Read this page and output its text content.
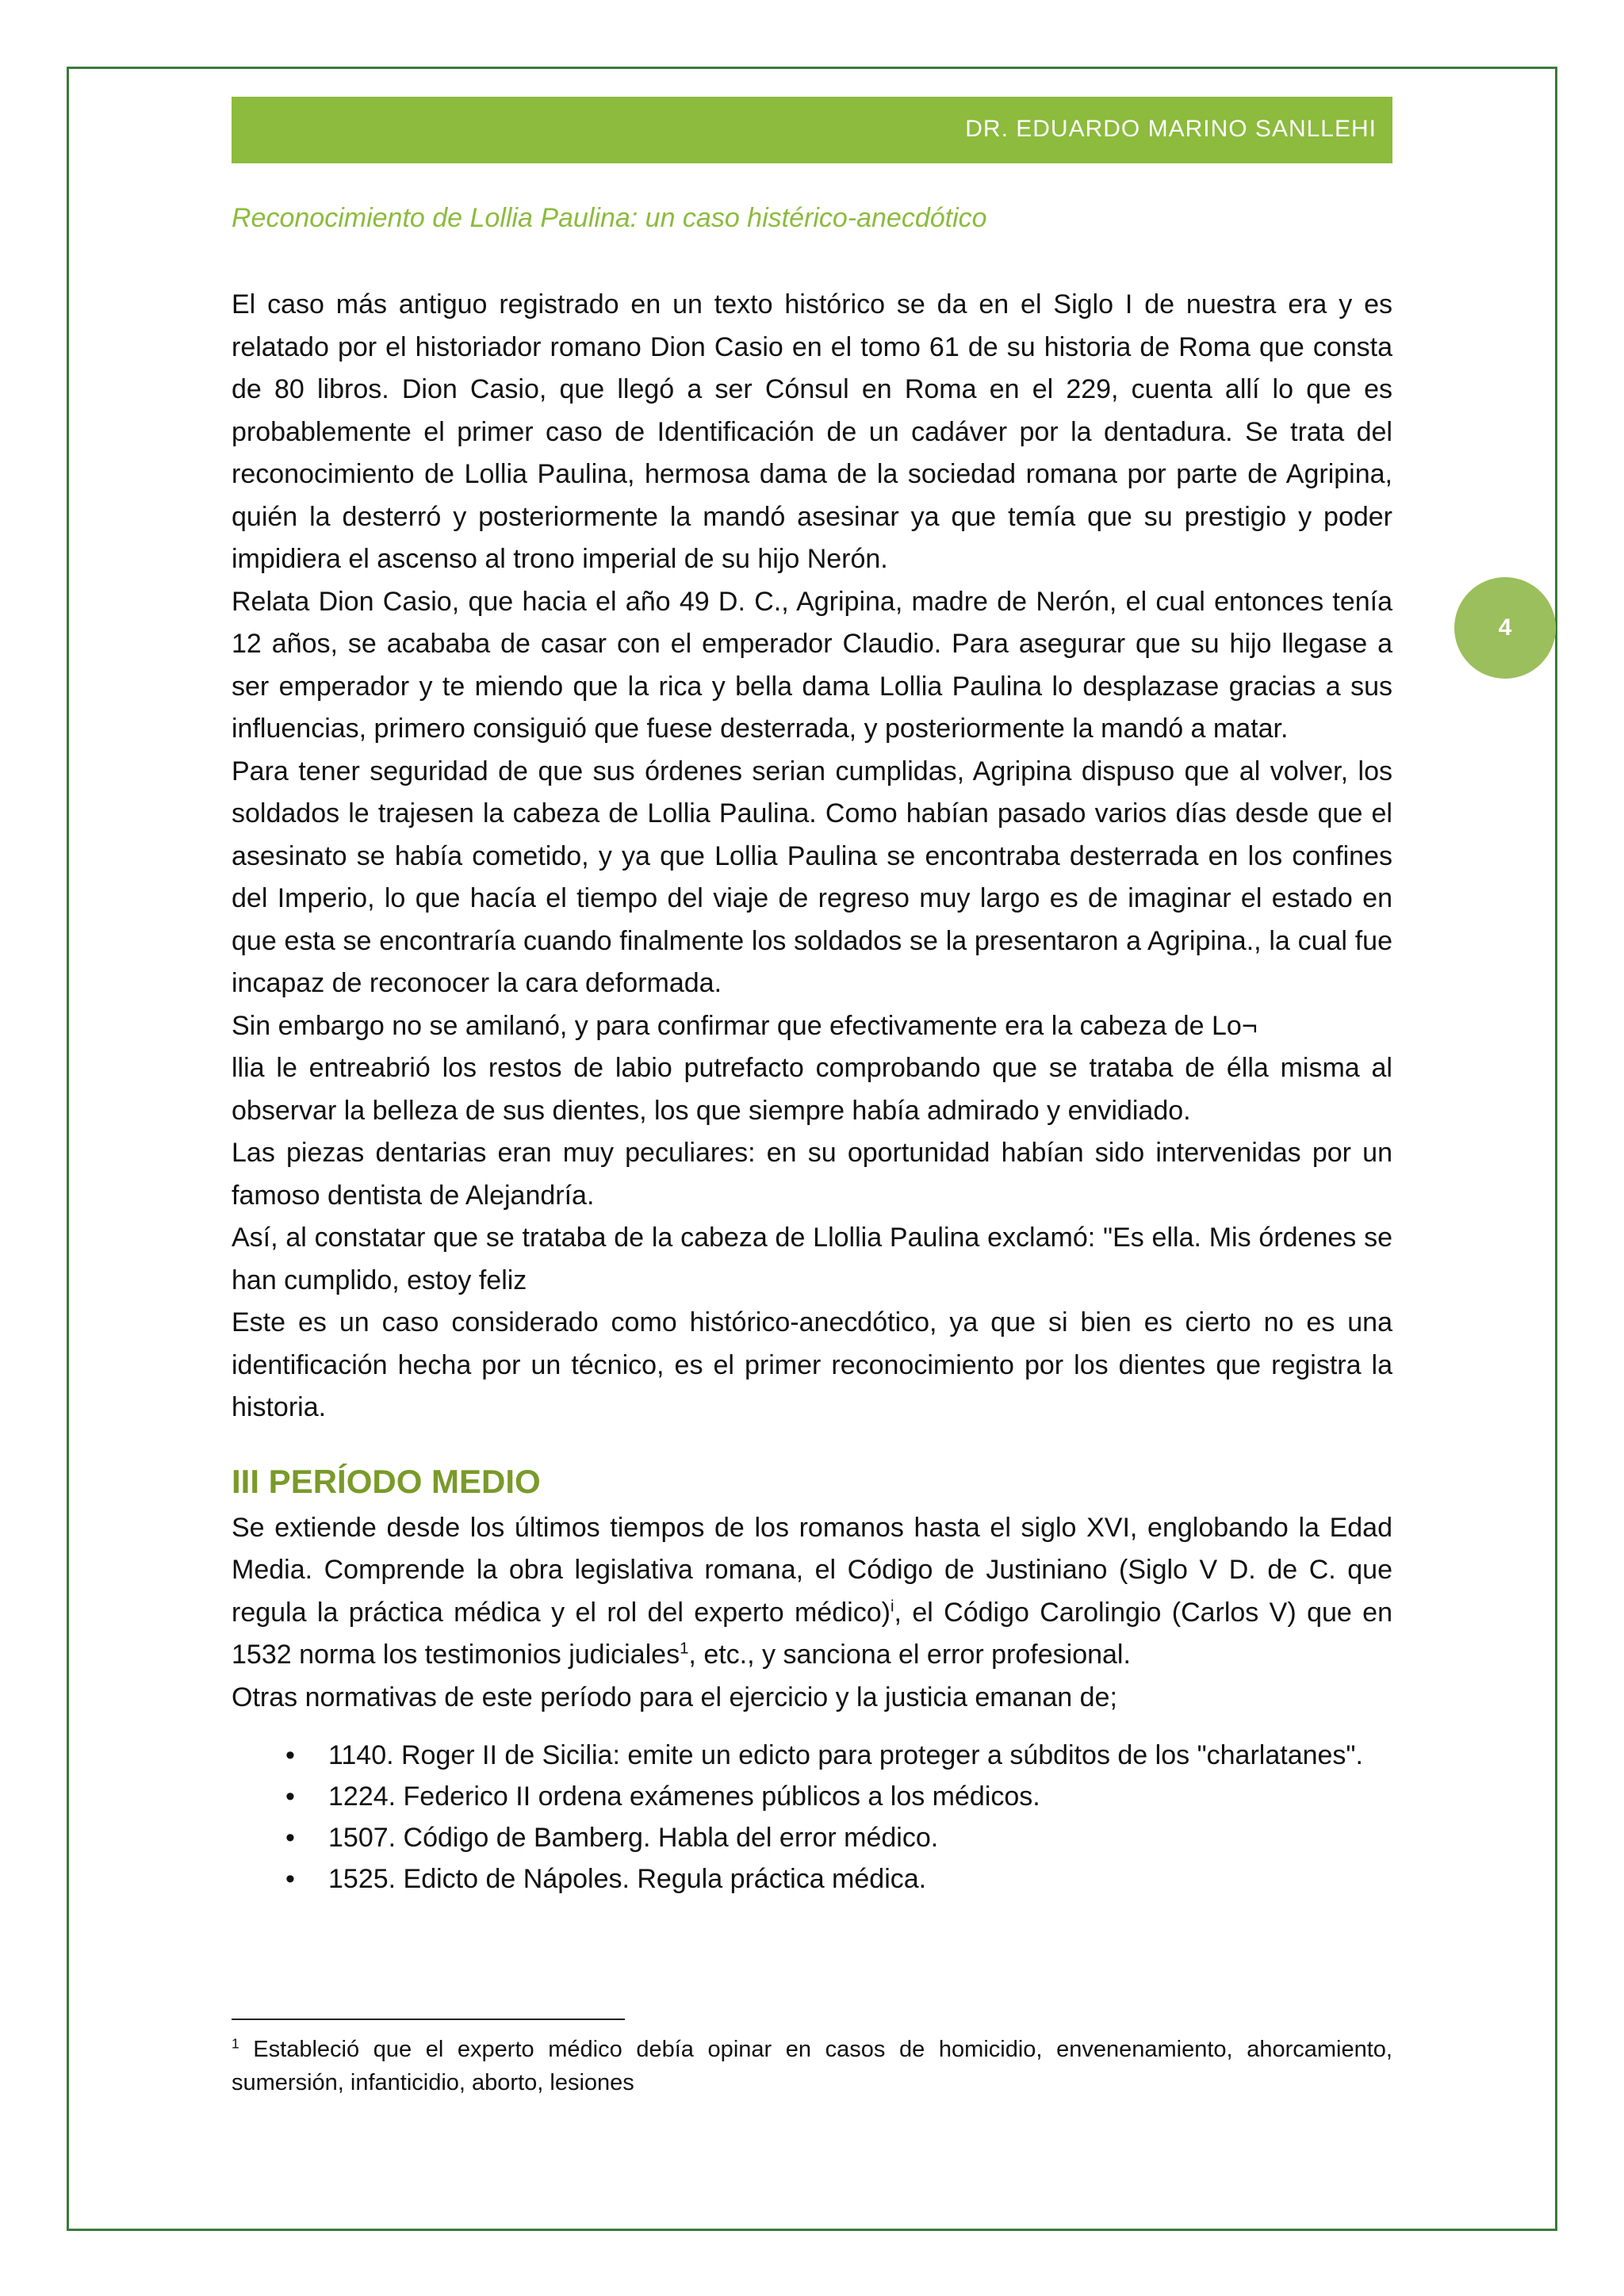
DR. EDUARDO MARINO SANLLEHI
4
Reconocimiento de Lollia Paulina: un caso histérico-anecdótico

El caso más antiguo registrado en un texto histórico se da en el Siglo I de nuestra era y es relatado por el historiador romano Dion Casio en el tomo 61 de su historia de Roma que consta de 80 libros. Dion Casio, que llegó a ser Cónsul en Roma en el 229, cuenta allí lo que es probablemente el primer caso de Identificación de un cadáver por la dentadura. Se trata del reconocimiento de Lollia Paulina, hermosa dama de la sociedad romana por parte de Agripina, quién la desterró y posteriormente la mandó asesinar ya que temía que su prestigio y poder impidiera el ascenso al trono imperial de su hijo Nerón.

Relata Dion Casio, que hacia el año 49 D. C., Agripina, madre de Nerón, el cual entonces tenía 12 años, se acababa de casar con el emperador Claudio. Para asegurar que su hijo llegase a ser emperador y te miendo que la rica y bella dama Lollia Paulina lo desplazase gracias a sus influencias, primero consiguió que fuese desterrada, y posteriormente la mandó a matar.

Para tener seguridad de que sus órdenes serian cumplidas, Agripina dispuso que al volver, los soldados le trajesen la cabeza de Lollia Paulina. Como habían pasado varios días desde que el asesinato se había cometido, y ya que Lollia Paulina se encontraba desterrada en los confines del Imperio, lo que hacía el tiempo del viaje de regreso muy largo es de imaginar el estado en que esta se encontraría cuando finalmente los soldados se la presentaron a Agripina., la cual fue incapaz de reconocer la cara deformada.

Sin embargo no se amilanó, y para confirmar que efectivamente era la cabeza de Lo¬

llia le entreabrió los restos de labio putrefacto comprobando que se trataba de élla misma al observar la belleza de sus dientes, los que siempre había admirado y envidiado.

Las piezas dentarias eran muy peculiares: en su oportunidad habían sido intervenidas por un famoso dentista de Alejandría.

Así, al constatar que se trataba de la cabeza de Llollia Paulina exclamó: "Es ella. Mis órdenes se han cumplido, estoy feliz

Este es un caso considerado como histórico-anecdótico, ya que si bien es cierto no es una identificación hecha por un técnico, es el primer reconocimiento por los dientes que registra la historia.

III PERÍODO MEDIO

Se extiende desde los últimos tiempos de los romanos hasta el siglo XVI, englobando la Edad Media. Comprende la obra legislativa romana, el Código de Justiniano (Siglo V D. de C. que regula la práctica médica y el rol del experto médico)$^i$, el Código Carolingio (Carlos V) que en 1532 norma los testimonios judiciales$^1$, etc., y sanciona el error profesional.

Otras normativas de este período para el ejercicio y la justicia emanan de;

• 1140. Roger II de Sicilia: emite un edicto para proteger a súbditos de los "charlatanes".
• 1224. Federico II ordena exámenes públicos a los médicos.
• 1507. Código de Bamberg. Habla del error médico.
• 1525. Edicto de Nápoles. Regula práctica médica.
$^1$ Estableció que el experto médico debía opinar en casos de homicidio, envenenamiento, ahorcamiento, sumersión, infanticidio, aborto, lesiones
